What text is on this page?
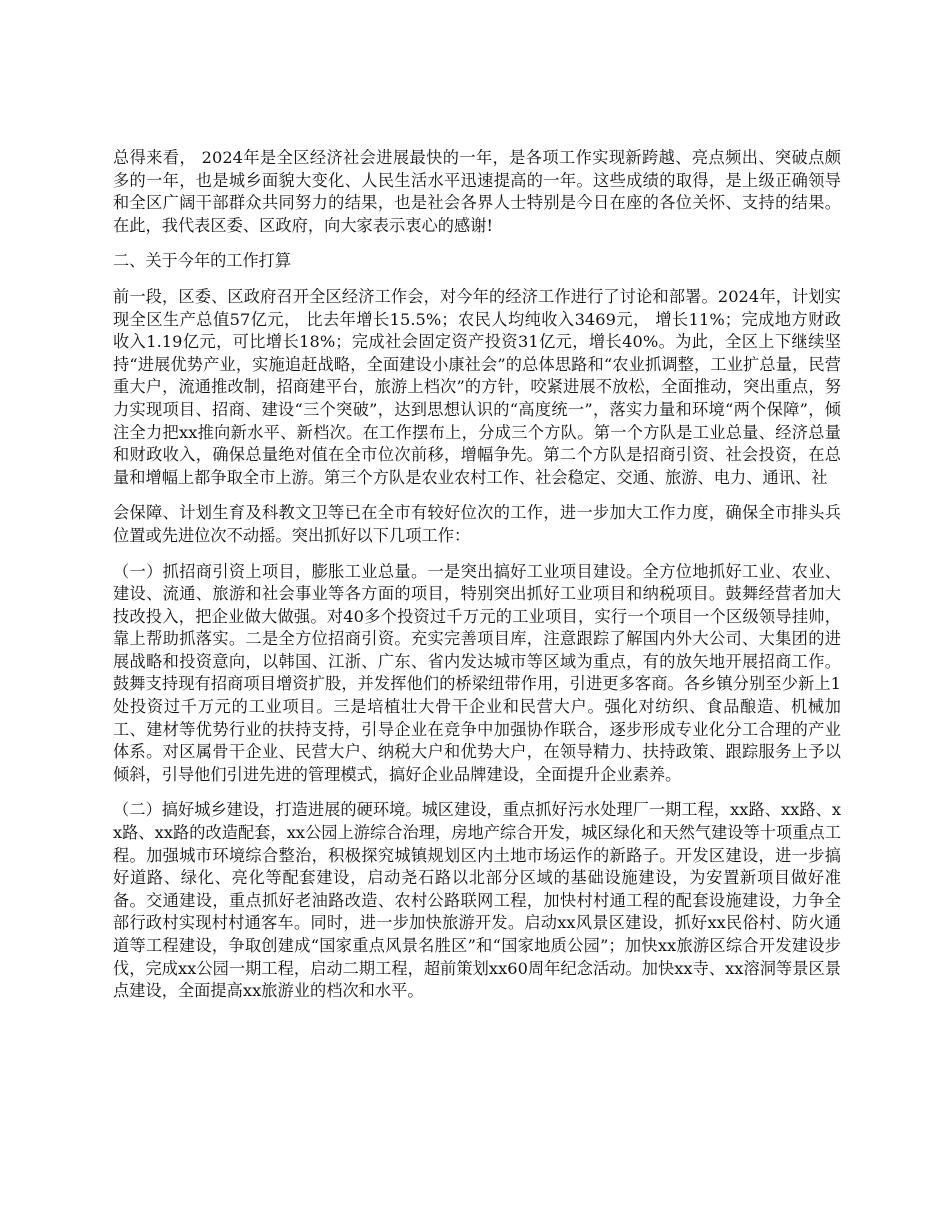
总得来看， 2024年是全区经济社会进展最快的一年，是各项工作实现新跨越、亮点频出、突破点颇多的一年，也是城乡面貌大变化、人民生活水平迅速提高的一年。这些成绩的取得，是上级正确领导和全区广阔干部群众共同努力的结果，也是社会各界人士特别是今日在座的各位关怀、支持的结果。在此，我代表区委、区政府，向大家表示衷心的感谢!

二、关于今年的工作打算

前一段，区委、区政府召开全区经济工作会，对今年的经济工作进行了讨论和部署。2024年，计划实现全区生产总值57亿元， 比去年增长15.5%；农民人均纯收入3469元， 增长11%；完成地方财政收入1.19亿元，可比增长18%；完成社会固定资产投资31亿元，增长40%。为此，全区上下继续坚持“进展优势产业，实施追赶战略，全面建设小康社会”的总体思路和“农业抓调整，工业扩总量，民营重大户，流通推改制，招商建平台，旅游上档次”的方针，咬紧进展不放松，全面推动，突出重点，努力实现项目、招商、建设“三个突破”，达到思想认识的“高度统一”，落实力量和环境“两个保障”，倾注全力把xx推向新水平、新档次。在工作摆布上，分成三个方队。第一个方队是工业总量、经济总量和财政收入，确保总量绝对值在全市位次前移，增幅争先。第二个方队是招商引资、社会投资，在总量和增幅上都争取全市上游。第三个方队是农业农村工作、社会稳定、交通、旅游、电力、通讯、社

会保障、计划生育及科教文卫等已在全市有较好位次的工作，进一步加大工作力度，确保全市排头兵位置或先进位次不动摇。突出抓好以下几项工作：

（一）抓招商引资上项目，膨胀工业总量。一是突出搞好工业项目建设。全方位地抓好工业、农业、建设、流通、旅游和社会事业等各方面的项目，特别突出抓好工业项目和纳税项目。鼓舞经营者加大技改投入，把企业做大做强。对40多个投资过千万元的工业项目，实行一个项目一个区级领导挂帅，靠上帮助抓落实。二是全方位招商引资。充实完善项目库，注意跟踪了解国内外大公司、大集团的进展战略和投资意向，以韩国、江浙、广东、省内发达城市等区域为重点，有的放矢地开展招商工作。鼓舞支持现有招商项目增资扩股，并发挥他们的桥梁纽带作用，引进更多客商。各乡镇分别至少新上1处投资过千万元的工业项目。三是培植壮大骨干企业和民营大户。强化对纺织、食品酿造、机械加工、建材等优势行业的扶持支持，引导企业在竞争中加强协作联合，逐步形成专业化分工合理的产业体系。对区属骨干企业、民营大户、纳税大户和优势大户，在领导精力、扶持政策、跟踪服务上予以倾斜，引导他们引进先进的管理模式，搞好企业品牌建设，全面提升企业素养。

（二）搞好城乡建设，打造进展的硬环境。城区建设，重点抓好污水处理厂一期工程，xx路、xx路、xx路、xx路的改造配套，xx公园上游综合治理，房地产综合开发，城区绿化和天然气建设等十项重点工程。加强城市环境综合整治，积极探究城镇规划区内土地市场运作的新路子。开发区建设，进一步搞好道路、绿化、亮化等配套建设，启动尧石路以北部分区域的基础设施建设，为安置新项目做好准备。交通建设，重点抓好老油路改造、农村公路联网工程，加快村村通工程的配套设施建设，力争全部行政村实现村村通客车。同时，进一步加快旅游开发。启动xx风景区建设，抓好xx民俗村、防火通道等工程建设，争取创建成“国家重点风景名胜区”和“国家地质公园”；加快xx旅游区综合开发建设步伐，完成xx公园一期工程，启动二期工程，超前策划xx60周年纪念活动。加快xx寺、xx溶洞等景区景点建设，全面提高xx旅游业的档次和水平。
